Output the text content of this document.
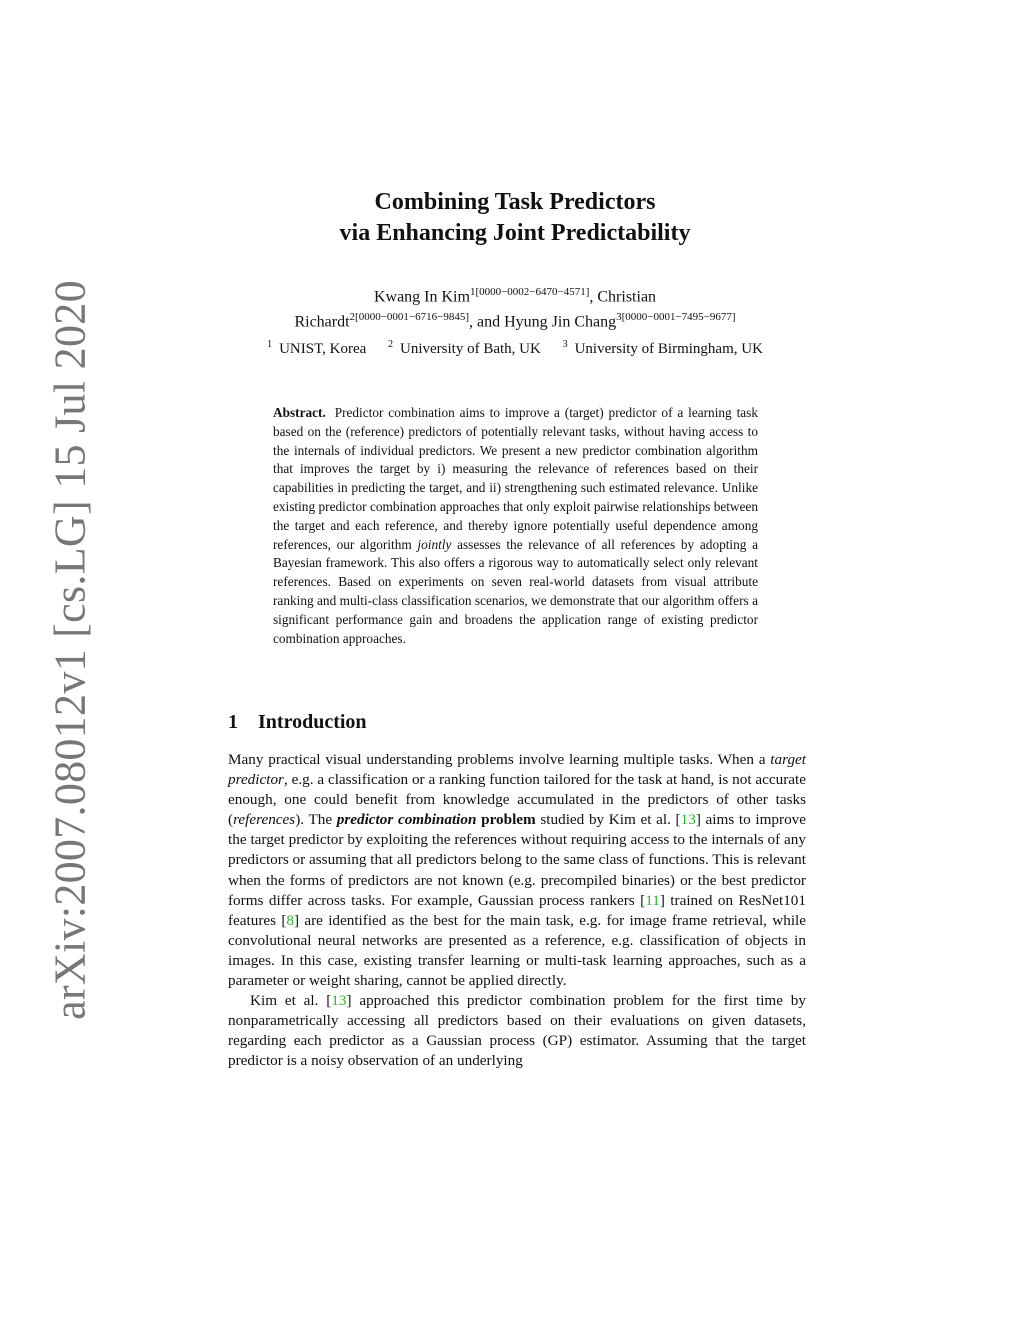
arXiv:2007.08012v1 [cs.LG] 15 Jul 2020
Combining Task Predictors
via Enhancing Joint Predictability
Kwang In Kim$^{1[0000-0002-6470-4571]}$, Christian
Richardt$^{2[0000-0001-6716-9845]}$, and Hyung Jin Chang$^{3[0000-0001-7495-9677]}$
$^1$ UNIST, Korea $^2$ University of Bath, UK $^3$ University of Birmingham, UK
Abstract. Predictor combination aims to improve a (target) predictor of a learning task based on the (reference) predictors of potentially relevant tasks, without having access to the internals of individual predictors. We present a new predictor combination algorithm that improves the target by i) measuring the relevance of references based on their capabilities in predicting the target, and ii) strengthening such estimated relevance. Unlike existing predictor combination approaches that only exploit pairwise relationships between the target and each reference, and thereby ignore potentially useful dependence among references, our algorithm jointly assesses the relevance of all references by adopting a Bayesian framework. This also offers a rigorous way to automatically select only relevant references. Based on experiments on seven real-world datasets from visual attribute ranking and multi-class classification scenarios, we demonstrate that our algorithm offers a significant performance gain and broadens the application range of existing predictor combination approaches.
1 Introduction

Many practical visual understanding problems involve learning multiple tasks. When a target predictor, e.g. a classification or a ranking function tailored for the task at hand, is not accurate enough, one could benefit from knowledge accumulated in the predictors of other tasks (references). The predictor combination problem studied by Kim et al. [13] aims to improve the target predictor by exploiting the references without requiring access to the internals of any predictors or assuming that all predictors belong to the same class of functions. This is relevant when the forms of predictors are not known (e.g. precompiled binaries) or the best predictor forms differ across tasks. For example, Gaussian process rankers [11] trained on ResNet101 features [8] are identified as the best for the main task, e.g. for image frame retrieval, while convolutional neural networks are presented as a reference, e.g. classification of objects in images. In this case, existing transfer learning or multi-task learning approaches, such as a parameter or weight sharing, cannot be applied directly.

Kim et al. [13] approached this predictor combination problem for the first time by nonparametrically accessing all predictors based on their evaluations on given datasets, regarding each predictor as a Gaussian process (GP) estimator. Assuming that the target predictor is a noisy observation of an underlying
